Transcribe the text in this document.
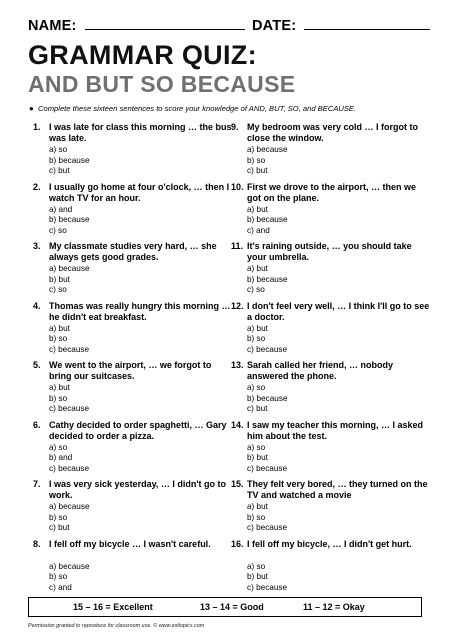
NAME:	DATE:
GRAMMAR QUIZ:
AND BUT SO BECAUSE
● Complete these sixteen sentences to score your knowledge of AND, BUT, SO, and BECAUSE.
1. I was late for class this morning … the bus was late.
a) so
b) because
c) but
2. I usually go home at four o'clock, … then I watch TV for an hour.
a) and
b) because
c) so
3. My classmate studies very hard, … she always gets good grades.
a) because
b) but
c) so
4. Thomas was really hungry this morning … he didn't eat breakfast.
a) but
b) so
c) because
5. We went to the airport, … we forgot to bring our suitcases.
a) but
b) so
c) because
6. Cathy decided to order spaghetti, … Gary decided to order a pizza.
a) so
b) and
c) because
7. I was very sick yesterday, … I didn't go to work.
a) because
b) so
c) but
8. I fell off my bicycle … I wasn't careful.
a) because
b) so
c) and
9. My bedroom was very cold … I forgot to close the window.
a) because
b) so
c) but
10. First we drove to the airport, … then we got on the plane.
a) but
b) because
c) and
11. It's raining outside, … you should take your umbrella.
a) but
b) because
c) so
12. I don't feel very well, … I think I'll go to see a doctor.
a) but
b) so
c) because
13. Sarah called her friend, … nobody answered the phone.
a) so
b) because
c) but
14. I saw my teacher this morning, … I asked him about the test.
a) so
b) but
c) because
15. They felt very bored, … they turned on the TV and watched a movie
a) but
b) so
c) because
16. I fell off my bicycle, … I didn't get hurt.
a) so
b) but
c) because
15 – 16 = Excellent	13 – 14 = Good	11 – 12 = Okay
Permission granted to reproduce for classroom use. © www.esltopics.com
